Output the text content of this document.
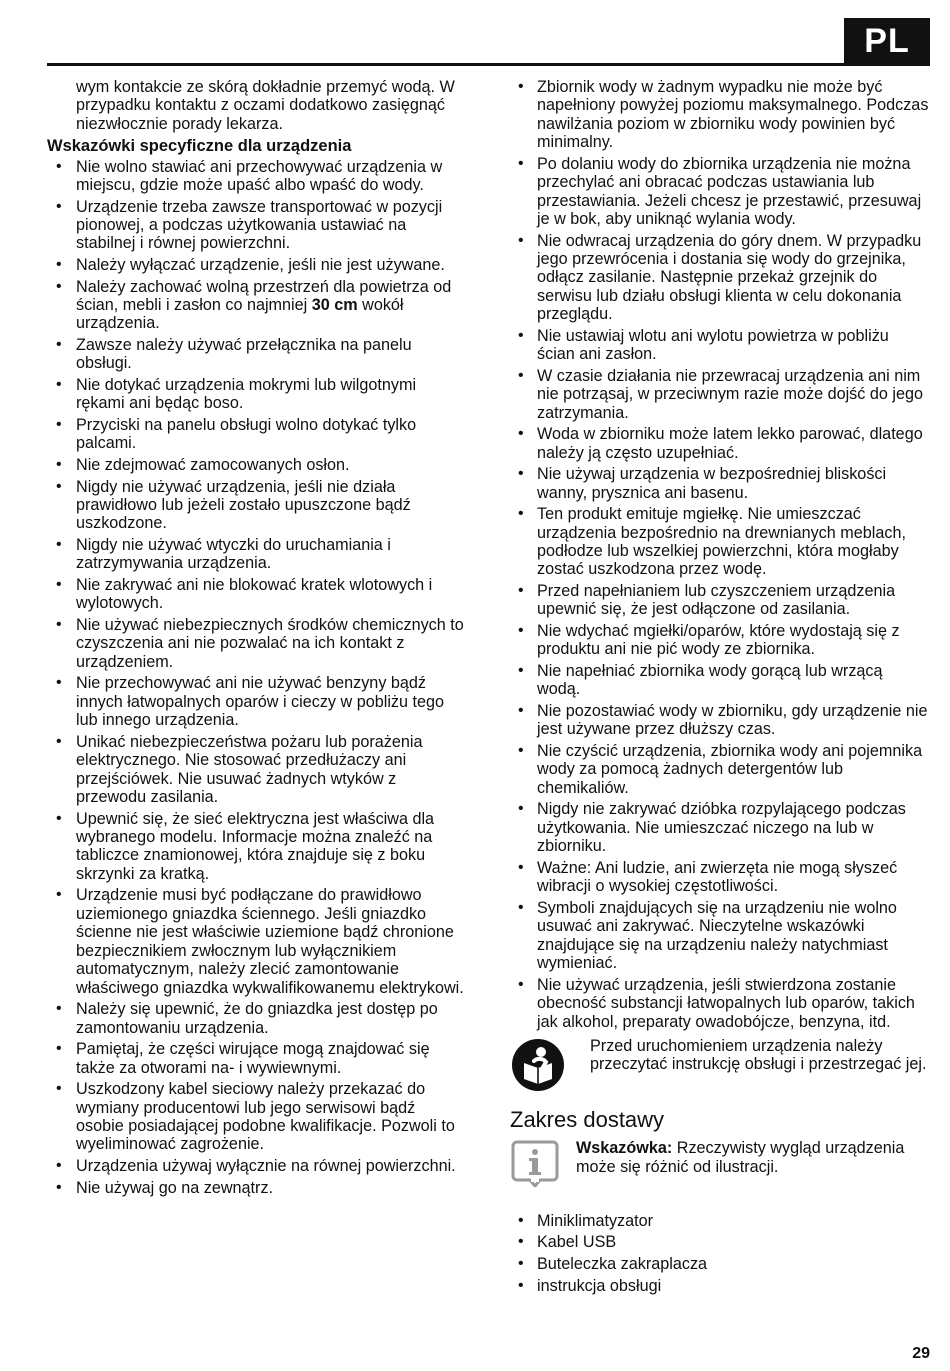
PL

wym kontakcie ze skórą dokładnie przemyć wodą. W przypadku kontaktu z oczami dodatkowo zasięgnąć niezwłocznie porady lekarza.

Wskazówki specyficzne dla urządzenia
• Nie wolno stawiać ani przechowywać urządzenia w miejscu, gdzie może upaść albo wpaść do wody.
• Urządzenie trzeba zawsze transportować w pozycji pionowej, a podczas użytkowania ustawiać na stabilnej i równej powierzchni.
• Należy wyłączać urządzenie, jeśli nie jest używane.
• Należy zachować wolną przestrzeń dla powietrza od ścian, mebli i zasłon co najmniej 30 cm wokół urządzenia.
• Zawsze należy używać przełącznika na panelu obsługi.
• Nie dotykać urządzenia mokrymi lub wilgotnymi rękami ani będąc boso.
• Przyciski na panelu obsługi wolno dotykać tylko palcami.
• Nie zdejmować zamocowanych osłon.
• Nigdy nie używać urządzenia, jeśli nie działa prawidłowo lub jeżeli zostało upuszczone bądź uszkodzone.
• Nigdy nie używać wtyczki do uruchamiania i zatrzymywania urządzenia.
• Nie zakrywać ani nie blokować kratek wlotowych i wylotowych.
• Nie używać niebezpiecznych środków chemicznych to czyszczenia ani nie pozwalać na ich kontakt z urządzeniem.
• Nie przechowywać ani nie używać benzyny bądź innych łatwopalnych oparów i cieczy w pobliżu tego lub innego urządzenia.
• Unikać niebezpieczeństwa pożaru lub porażenia elektrycznego. Nie stosować przedłużaczy ani przejściówek. Nie usuwać żadnych wtyków z przewodu zasilania.
• Upewnić się, że sieć elektryczna jest właściwa dla wybranego modelu. Informacje można znaleźć na tabliczce znamionowej, która znajduje się z boku skrzynki za kratką.
• Urządzenie musi być podłączane do prawidłowo uziemionego gniazdka ściennego. Jeśli gniazdko ścienne nie jest właściwie uziemione bądź chronione bezpiecznikiem zwłocznym lub wyłącznikiem automatycznym, należy zlecić zamontowanie właściwego gniazdka wykwalifikowanemu elektrykowi.
• Należy się upewnić, że do gniazdka jest dostęp po zamontowaniu urządzenia.
• Pamiętaj, że części wirujące mogą znajdować się także za otworami na- i wywiewnymi.
• Uszkodzony kabel sieciowy należy przekazać do wymiany producentowi lub jego serwisowi bądź osobie posiadającej podobne kwalifikacje. Pozwoli to wyeliminować zagrożenie.
• Urządzenia używaj wyłącznie na równej powierzchni.
• Nie używaj go na zewnątrz.
• Zbiornik wody w żadnym wypadku nie może być napełniony powyżej poziomu maksymalnego. Podczas nawilżania poziom w zbiorniku wody powinien być minimalny.
• Po dolaniu wody do zbiornika urządzenia nie można przechylać ani obracać podczas ustawiania lub przestawiania. Jeżeli chcesz je przestawić, przesuwaj je w bok, aby uniknąć wylania wody.
• Nie odwracaj urządzenia do góry dnem. W przypadku jego przewrócenia i dostania się wody do grzejnika, odłącz zasilanie. Następnie przekaż grzejnik do serwisu lub działu obsługi klienta w celu dokonania przeglądu.
• Nie ustawiaj wlotu ani wylotu powietrza w pobliżu ścian ani zasłon.
• W czasie działania nie przewracaj urządzenia ani nim nie potrząsaj, w przeciwnym razie może dojść do jego zatrzymania.
• Woda w zbiorniku może latem lekko parować, dlatego należy ją często uzupełniać.
• Nie używaj urządzenia w bezpośredniej bliskości wanny, prysznica ani basenu.
• Ten produkt emituje mgiełkę. Nie umieszczać urządzenia bezpośrednio na drewnianych meblach, podłodze lub wszelkiej powierzchni, która mogłaby zostać uszkodzona przez wodę.
• Przed napełnianiem lub czyszczeniem urządzenia upewnić się, że jest odłączone od zasilania.
• Nie wdychać mgiełki/oparów, które wydostają się z produktu ani nie pić wody ze zbiornika.
• Nie napełniać zbiornika wody gorącą lub wrzącą wodą.
• Nie pozostawiać wody w zbiorniku, gdy urządzenie nie jest używane przez dłuższy czas.
• Nie czyścić urządzenia, zbiornika wody ani pojemnika wody za pomocą żadnych detergentów lub chemikaliów.
• Nigdy nie zakrywać dzióbka rozpylającego podczas użytkowania. Nie umieszczać niczego na lub w zbiorniku.
• Ważne: Ani ludzie, ani zwierzęta nie mogą słyszeć wibracji o wysokiej częstotliwości.
• Symboli znajdujących się na urządzeniu nie wolno usuwać ani zakrywać. Nieczytelne wskazówki znajdujące się na urządzeniu należy natychmiast wymieniać.
• Nie używać urządzenia, jeśli stwierdzona zostanie obecność substancji łatwopalnych lub oparów, takich jak alkohol, preparaty owadobójcze, benzyna, itd.
Przed uruchomieniem urządzenia należy przeczytać instrukcję obsługi i przestrzegać jej.
Zakres dostawy
Wskazówka: Rzeczywisty wygląd urządzenia może się różnić od ilustracji.
• Miniklimatyzator
• Kabel USB
• Buteleczka zakraplacza
• instrukcja obsługi
29
